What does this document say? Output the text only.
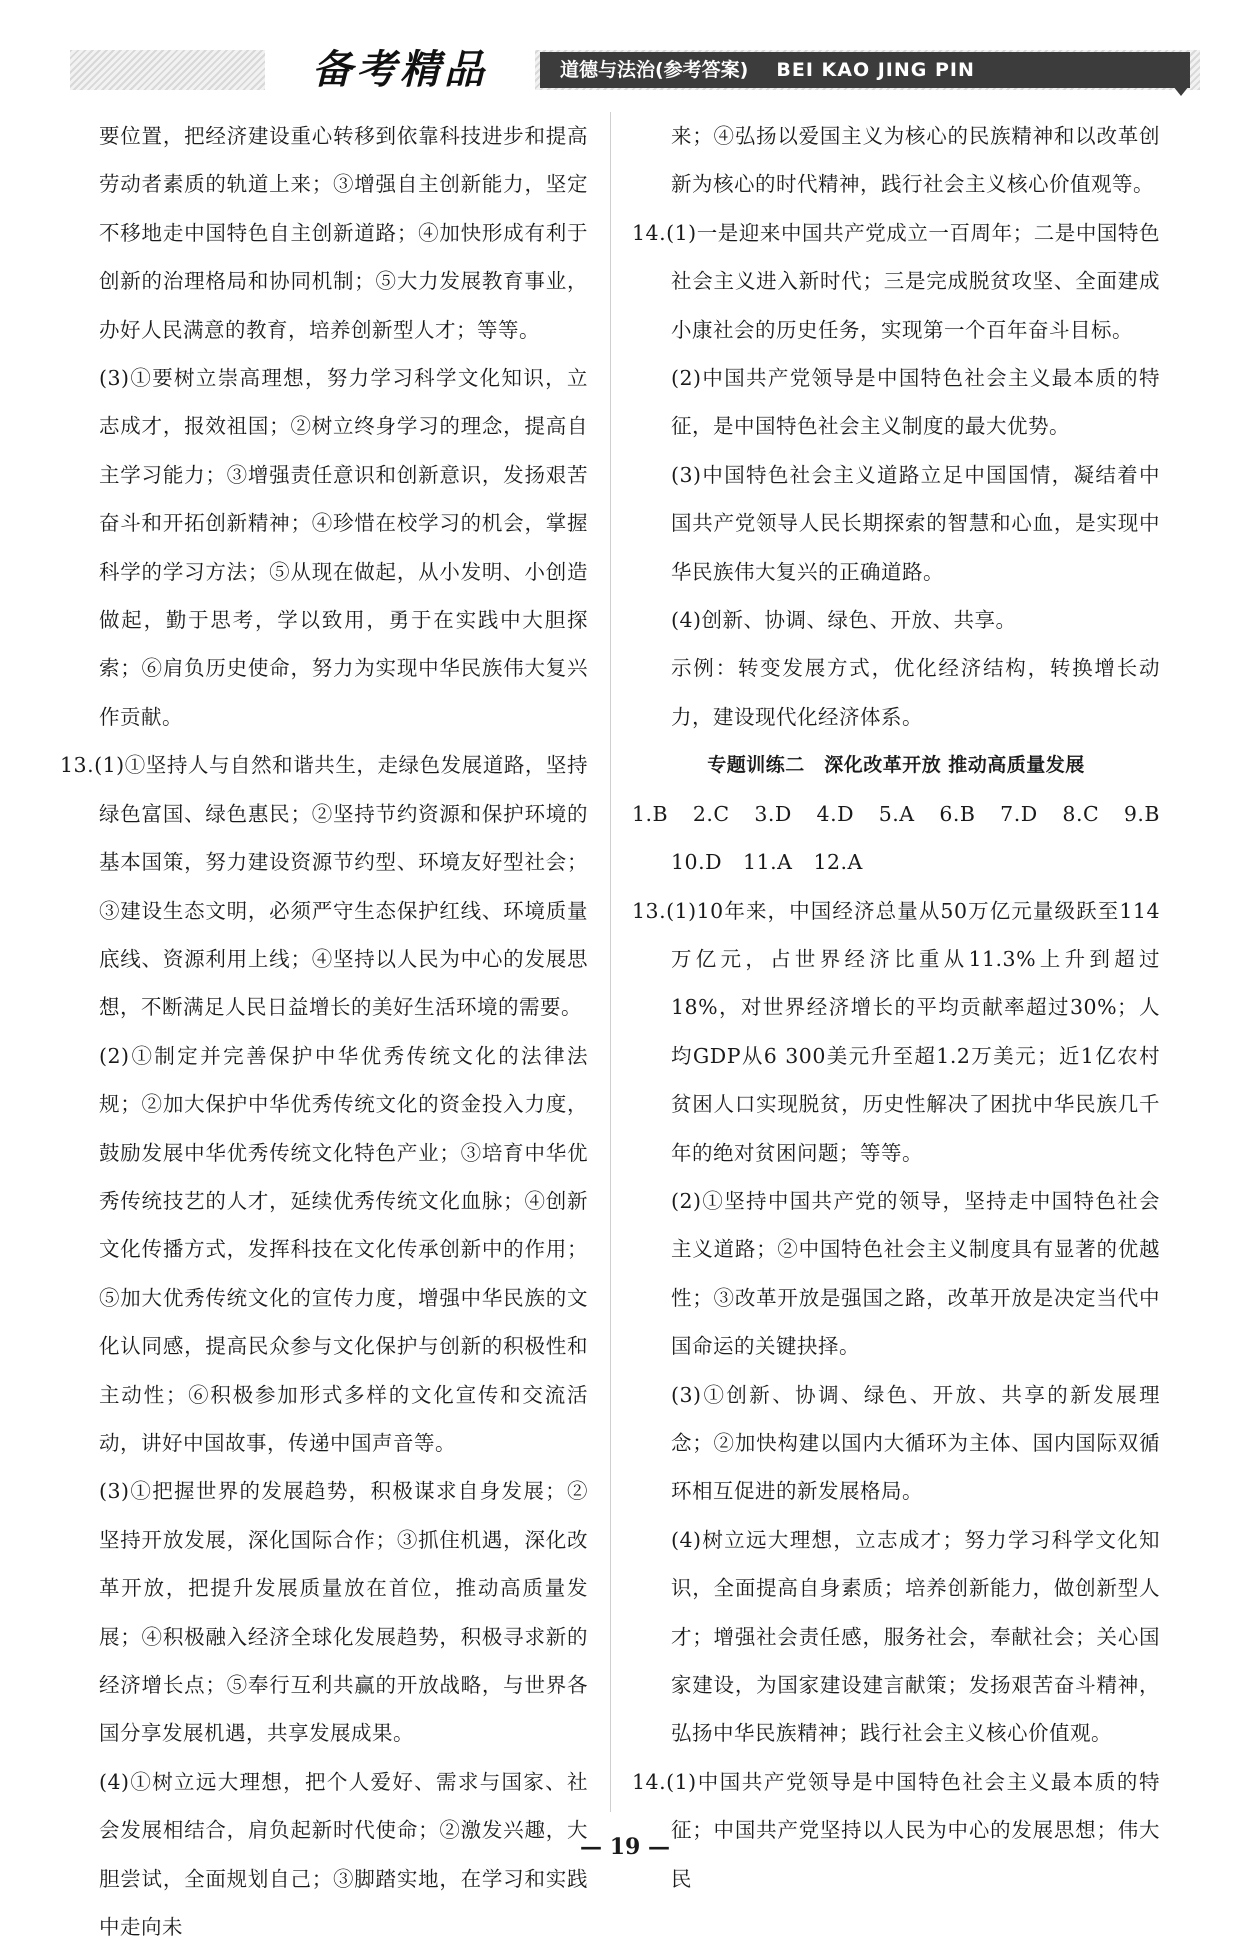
备考精品	道德与法治(参考答案) BEI KAO JING PIN

要位置，把经济建设重心转移到依靠科技进步和提高劳动者素质的轨道上来；③增强自主创新能力，坚定不移地走中国特色自主创新道路；④加快形成有利于创新的治理格局和协同机制；⑤大力发展教育事业，办好人民满意的教育，培养创新型人才；等等。

(3)①要树立崇高理想，努力学习科学文化知识，立志成才，报效祖国；②树立终身学习的理念，提高自主学习能力；③增强责任意识和创新意识，发扬艰苦奋斗和开拓创新精神；④珍惜在校学习的机会，掌握科学的学习方法；⑤从现在做起，从小发明、小创造做起，勤于思考，学以致用，勇于在实践中大胆探索；⑥肩负历史使命，努力为实现中华民族伟大复兴作贡献。

13.(1)①坚持人与自然和谐共生，走绿色发展道路，坚持绿色富国、绿色惠民；②坚持节约资源和保护环境的基本国策，努力建设资源节约型、环境友好型社会；③建设生态文明，必须严守生态保护红线、环境质量底线、资源利用上线；④坚持以人民为中心的发展思想，不断满足人民日益增长的美好生活环境的需要。

(2)①制定并完善保护中华优秀传统文化的法律法规；②加大保护中华优秀传统文化的资金投入力度，鼓励发展中华优秀传统文化特色产业；③培育中华优秀传统技艺的人才，延续优秀传统文化血脉；④创新文化传播方式，发挥科技在文化传承创新中的作用；⑤加大优秀传统文化的宣传力度，增强中华民族的文化认同感，提高民众参与文化保护与创新的积极性和主动性；⑥积极参加形式多样的文化宣传和交流活动，讲好中国故事，传递中国声音等。

(3)①把握世界的发展趋势，积极谋求自身发展；②坚持开放发展，深化国际合作；③抓住机遇，深化改革开放，把提升发展质量放在首位，推动高质量发展；④积极融入经济全球化发展趋势，积极寻求新的经济增长点；⑤奉行互利共赢的开放战略，与世界各国分享发展机遇，共享发展成果。

(4)①树立远大理想，把个人爱好、需求与国家、社会发展相结合，肩负起新时代使命；②激发兴趣，大胆尝试，全面规划自己；③脚踏实地，在学习和实践中走向未

来；④弘扬以爱国主义为核心的民族精神和以改革创新为核心的时代精神，践行社会主义核心价值观等。

14.(1)一是迎来中国共产党成立一百周年；二是中国特色社会主义进入新时代；三是完成脱贫攻坚、全面建成小康社会的历史任务，实现第一个百年奋斗目标。

(2)中国共产党领导是中国特色社会主义最本质的特征，是中国特色社会主义制度的最大优势。

(3)中国特色社会主义道路立足中国国情，凝结着中国共产党领导人民长期探索的智慧和心血，是实现中华民族伟大复兴的正确道路。

(4)创新、协调、绿色、开放、共享。

示例：转变发展方式，优化经济结构，转换增长动力，建设现代化经济体系。

专题训练二　深化改革开放 推动高质量发展

1.B　2.C　3.D　4.D　5.A　6.B　7.D　8.C　9.B 10.D　11.A　12.A

13.(1)10年来，中国经济总量从50万亿元量级跃至114万亿元，占世界经济比重从11.3%上升到超过18%，对世界经济增长的平均贡献率超过30%；人均GDP从6 300美元升至超1.2万美元；近1亿农村贫困人口实现脱贫，历史性解决了困扰中华民族几千年的绝对贫困问题；等等。

(2)①坚持中国共产党的领导，坚持走中国特色社会主义道路；②中国特色社会主义制度具有显著的优越性；③改革开放是强国之路，改革开放是决定当代中国命运的关键抉择。

(3)①创新、协调、绿色、开放、共享的新发展理念；②加快构建以国内大循环为主体、国内国际双循环相互促进的新发展格局。

(4)树立远大理想，立志成才；努力学习科学文化知识，全面提高自身素质；培养创新能力，做创新型人才；增强社会责任感，服务社会，奉献社会；关心国家建设，为国家建设建言献策；发扬艰苦奋斗精神，弘扬中华民族精神；践行社会主义核心价值观。

14.(1)中国共产党领导是中国特色社会主义最本质的特征；中国共产党坚持以人民为中心的发展思想；伟大民

— 19 —
